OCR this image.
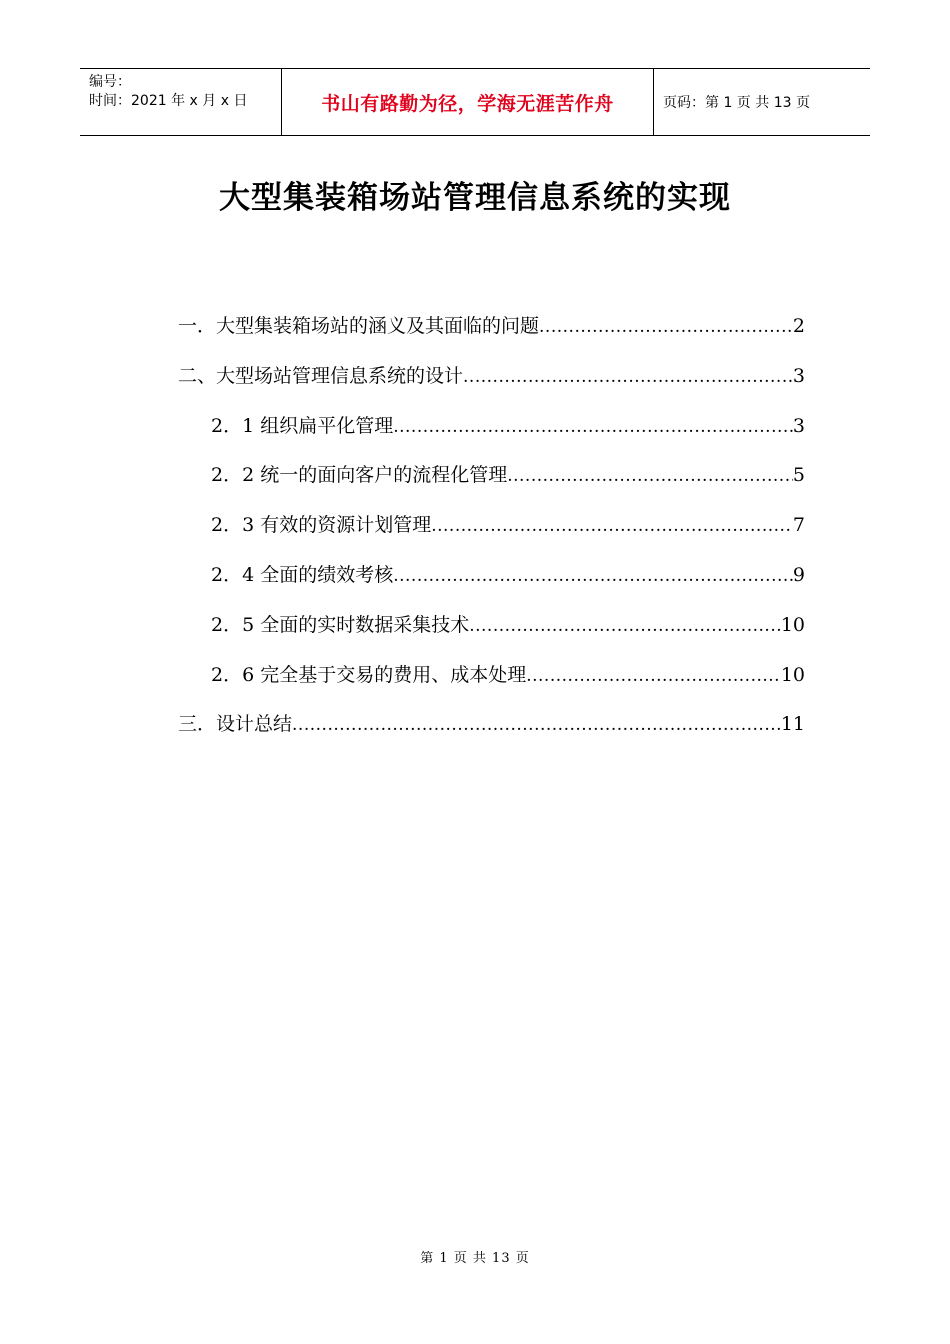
编号：
时间：2021 年 x 月 x 日	书山有路勤为径，学海无涯苦作舟	页码：第 1 页 共 13 页
大型集装箱场站管理信息系统的实现
一．大型集装箱场站的涵义及其面临的问题 .....	2
二、大型场站管理信息系统的设计 .....	3
2．1 组织扁平化管理 .....	3
2．2 统一的面向客户的流程化管理 .....	5
2．3 有效的资源计划管理 .....	7
2．4 全面的绩效考核 .....	9
2．5 全面的实时数据采集技术 .....	10
2．6 完全基于交易的费用、成本处理 .....	10
三．设计总结 .....	11
第 1 页 共 13 页
